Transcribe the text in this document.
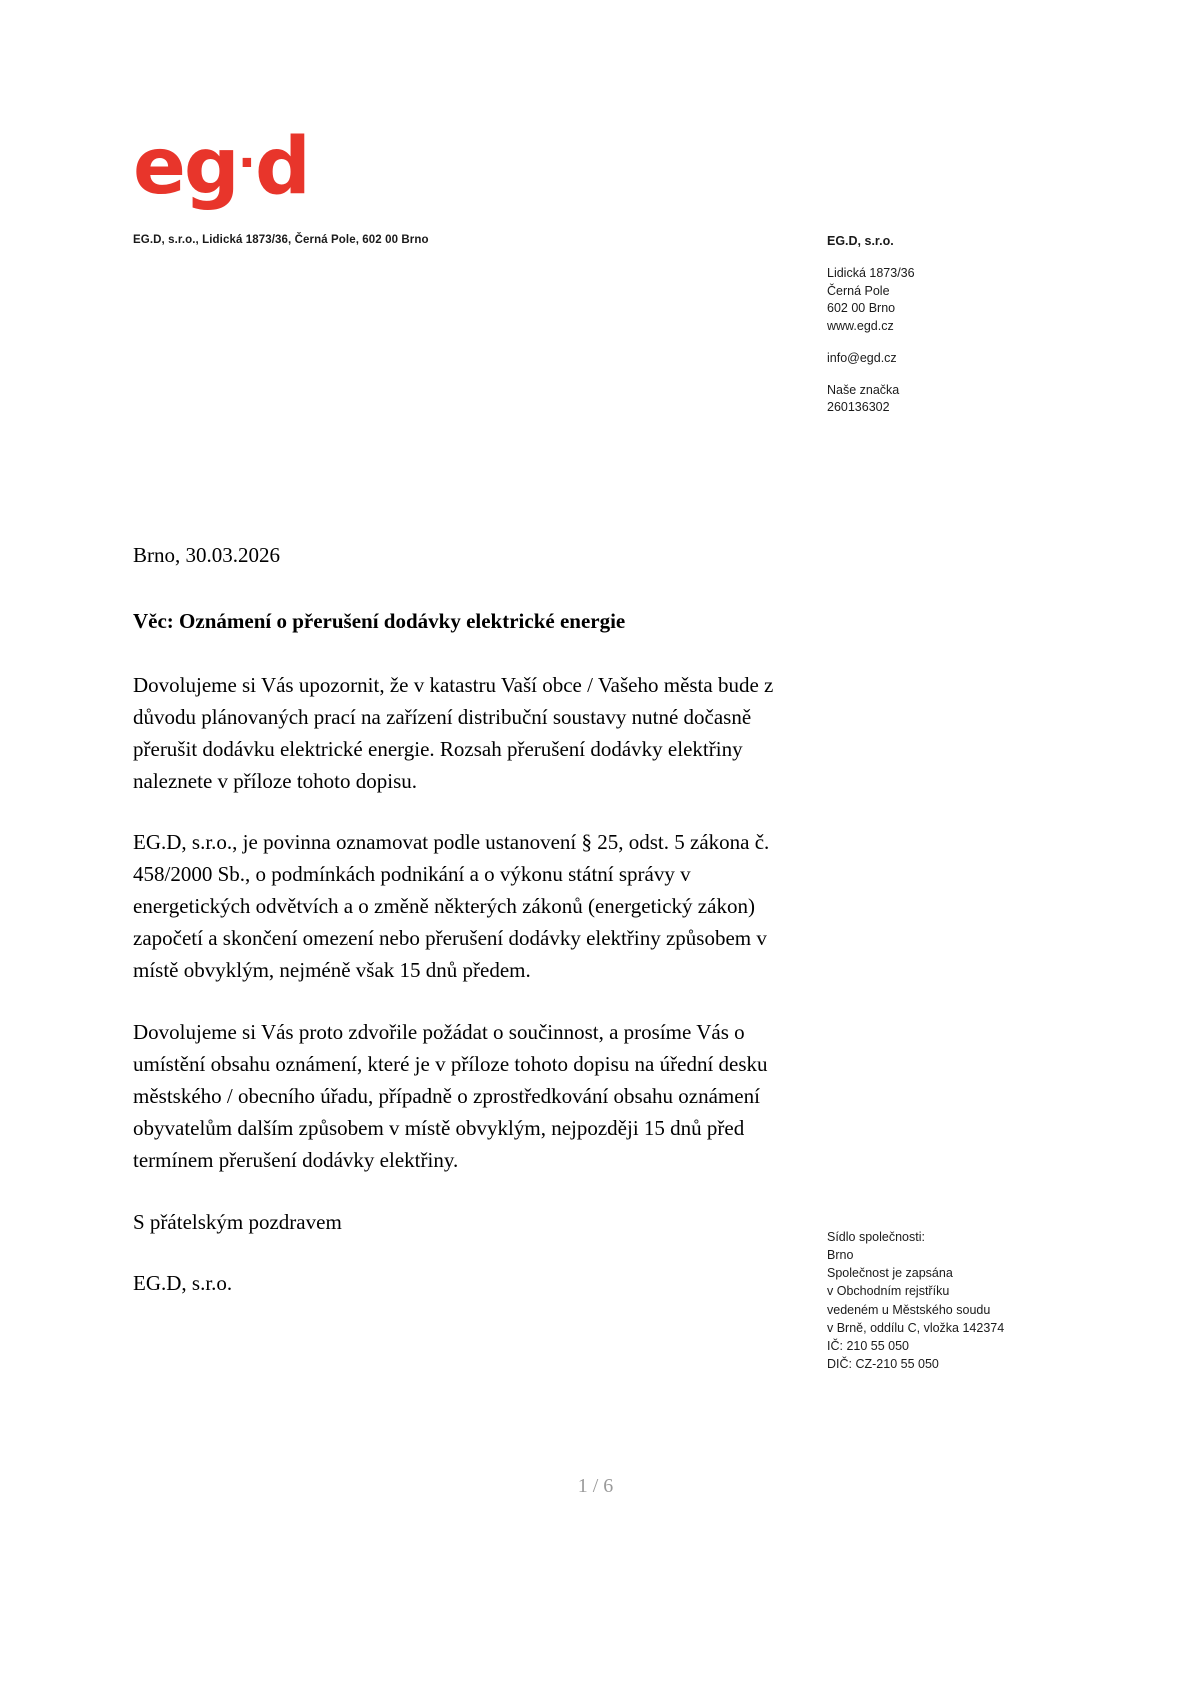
eg·d
EG.D, s.r.o., Lidická 1873/36, Černá Pole, 602 00 Brno	EG.D, s.r.o.
Lidická 1873/36
Černá Pole
602 00 Brno
www.egd.cz
info@egd.cz
Naše značka
260136302
Brno, 30.03.2026
Věc: Oznámení o přerušení dodávky elektrické energie

Dovolujeme si Vás upozornit, že v katastru Vaší obce / Vašeho města bude z důvodu plánovaných prací na zařízení distribuční soustavy nutné dočasně přerušit dodávku elektrické energie. Rozsah přerušení dodávky elektřiny naleznete v příloze tohoto dopisu.

EG.D, s.r.o., je povinna oznamovat podle ustanovení § 25, odst. 5 zákona č. 458/2000 Sb., o podmínkách podnikání a o výkonu státní správy v energetických odvětvích a o změně některých zákonů (energetický zákon) započetí a skončení omezení nebo přerušení dodávky elektřiny způsobem v místě obvyklým, nejméně však 15 dnů předem.

Dovolujeme si Vás proto zdvořile požádat o součinnost, a prosíme Vás o umístění obsahu oznámení, které je v příloze tohoto dopisu na úřední desku městského / obecního úřadu, případně o zprostředkování obsahu oznámení obyvatelům dalším způsobem v místě obvyklým, nejpozději 15 dnů před termínem přerušení dodávky elektřiny.

S přátelským pozdravem

EG.D, s.r.o.

Sídlo společnosti:
Brno
Společnost je zapsána
v Obchodním rejstříku
vedeném u Městského soudu
v Brně, oddílu C, vložka 142374
IČ: 210 55 050
DIČ: CZ-210 55 050
1 / 6
